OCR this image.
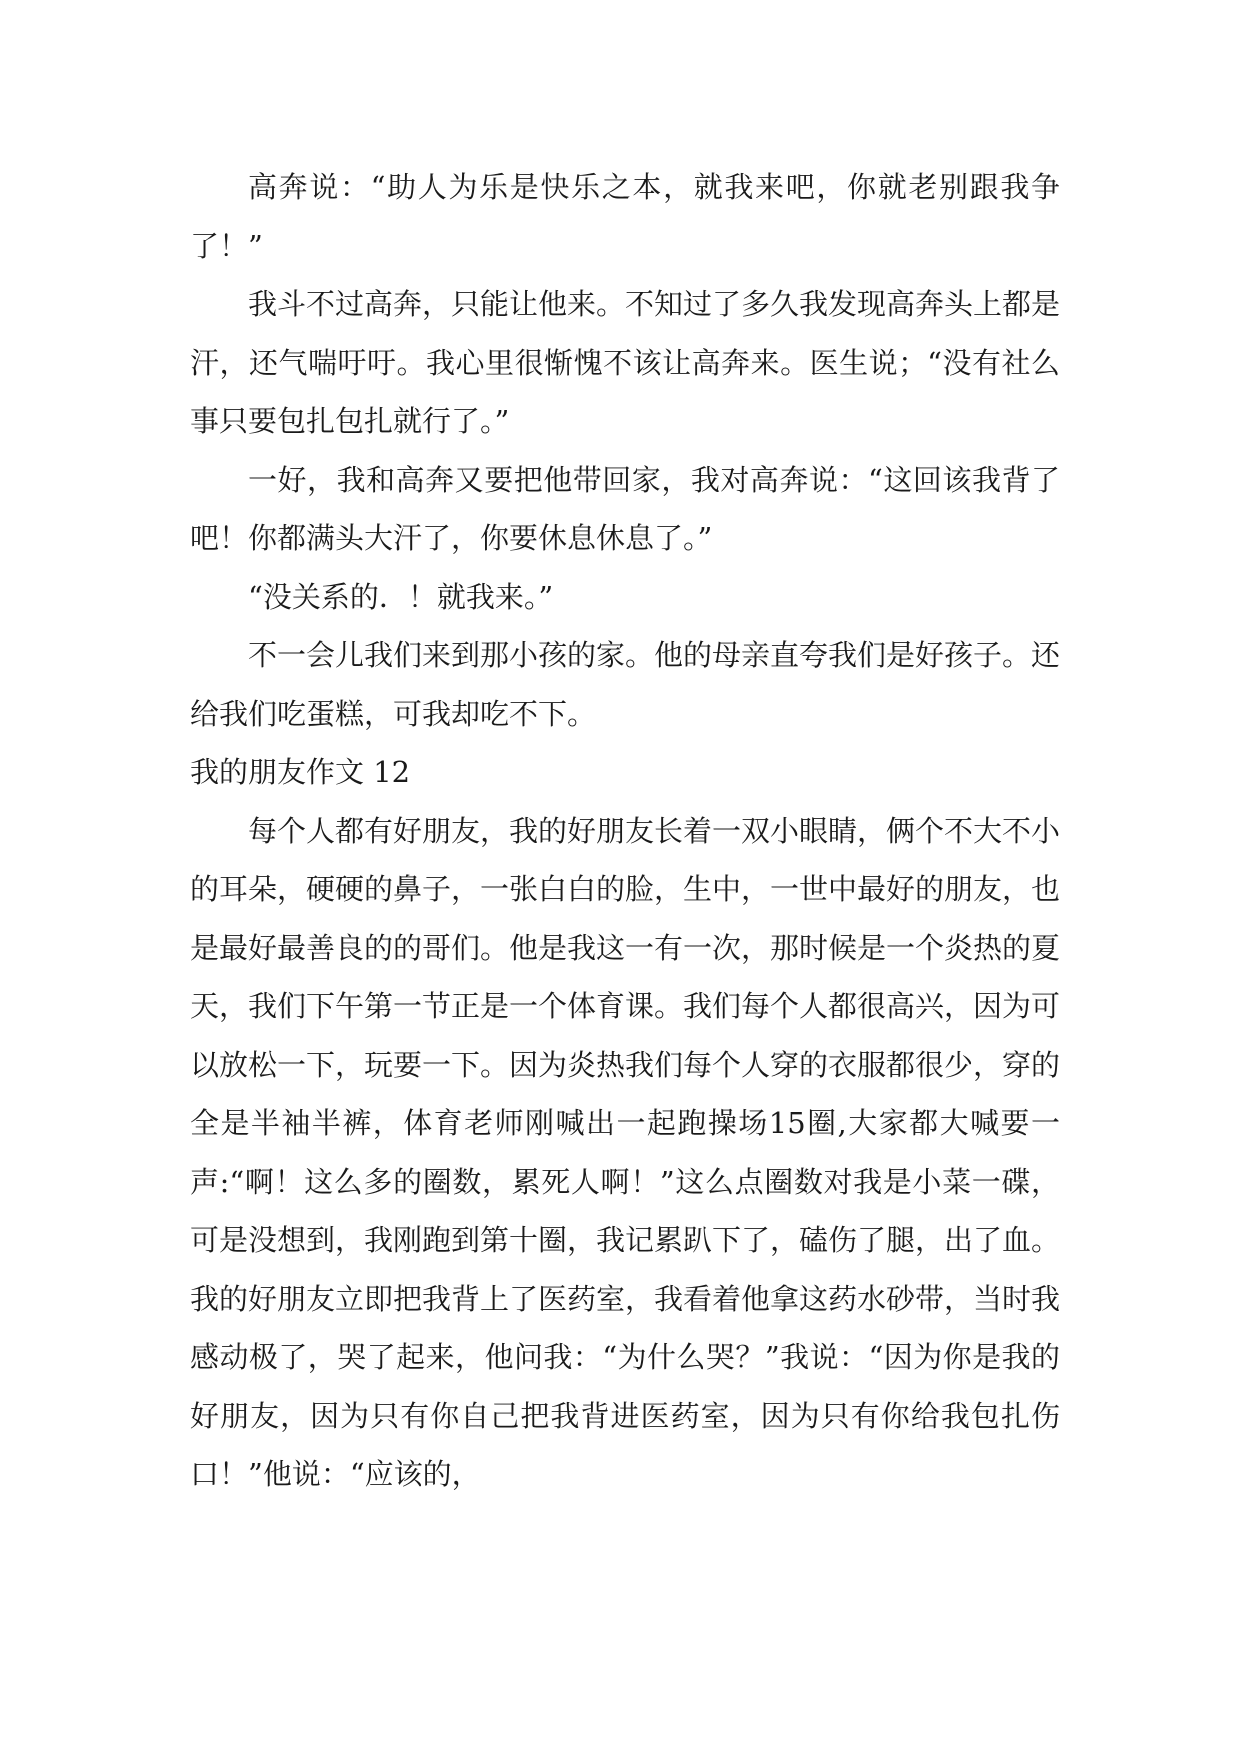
高奔说：“助人为乐是快乐之本，就我来吧，你就老别跟我争了！”

我斗不过高奔，只能让他来。不知过了多久我发现高奔头上都是汗，还气喘吁吁。我心里很惭愧不该让高奔来。医生说；“没有社么事只要包扎包扎就行了。”

一好，我和高奔又要把他带回家，我对高奔说：“这回该我背了吧！你都满头大汗了，你要休息休息了。”

“没关系的．！就我来。”

不一会儿我们来到那小孩的家。他的母亲直夸我们是好孩子。还给我们吃蛋糕，可我却吃不下。

我的朋友作文 12

每个人都有好朋友，我的好朋友长着一双小眼睛，俩个不大不小的耳朵，硬硬的鼻子，一张白白的脸，生中，一世中最好的朋友，也是最好最善良的的哥们。他是我这一有一次，那时候是一个炎热的夏天，我们下午第一节正是一个体育课。我们每个人都很高兴，因为可以放松一下，玩要一下。因为炎热我们每个人穿的衣服都很少，穿的全是半袖半裤，体育老师刚喊出一起跑操场15圈,大家都大喊要一声:“啊！这么多的圈数，累死人啊！”这么点圈数对我是小菜一碟，可是没想到，我刚跑到第十圈，我记累趴下了，磕伤了腿，出了血。我的好朋友立即把我背上了医药室，我看着他拿这药水砂带，当时我感动极了，哭了起来，他问我：“为什么哭？”我说：“因为你是我的好朋友，因为只有你自己把我背进医药室，因为只有你给我包扎伤口！”他说：“应该的，
